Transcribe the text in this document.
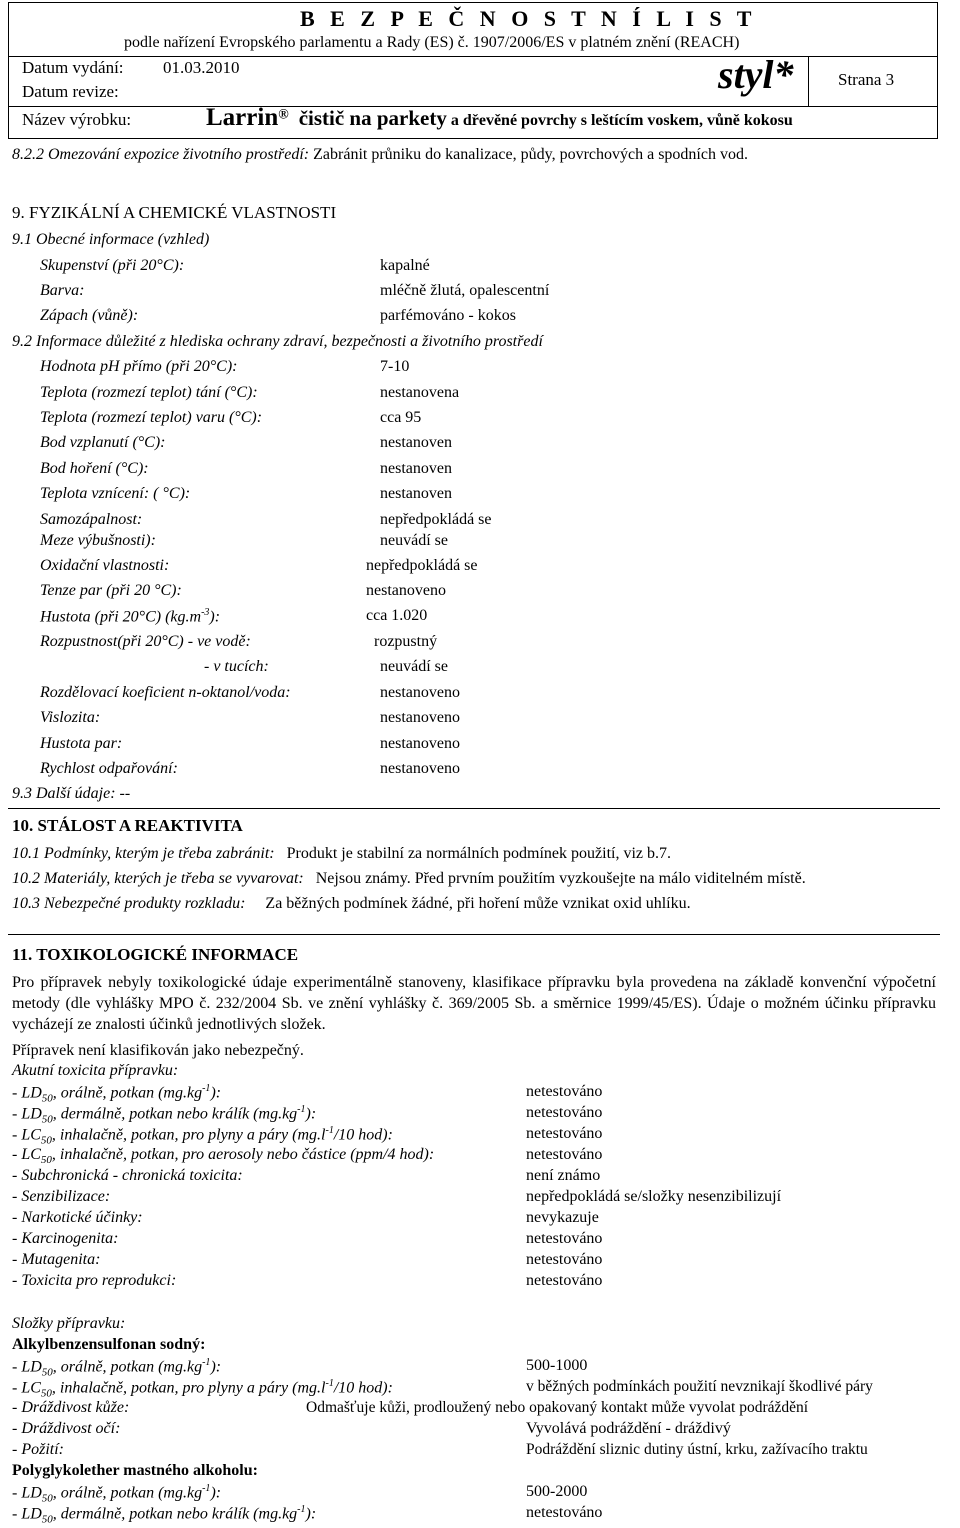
B E Z P E Č N O S T N Í L I S T
podle nařízení Evropského parlamentu a Rady (ES) č. 1907/2006/ES v platném znění (REACH)
Datum vydání: 01.03.2010
Datum revize:	styl*	Strana 3
Název výrobku:	Larrin® čistič na parkety a dřevěné povrchy s leštícím voskem, vůně kokosu
8.2.2 Omezování expozice životního prostředí: Zabránit průniku do kanalizace, půdy, povrchových a spodních vod.
9. FYZIKÁLNÍ A CHEMICKÉ VLASTNOSTI
9.1 Obecné informace (vzhled)
Skupenství (při 20°C):	kapalné
Barva:	mléčně žlutá, opalescentní
Zápach (vůně):	parfémováno - kokos
9.2 Informace důležité z hlediska ochrany zdraví, bezpečnosti a životního prostředí
Hodnota pH přímo (při 20°C):	7-10
Teplota (rozmezí teplot) tání (°C):	nestanovena
Teplota (rozmezí teplot) varu (°C):	cca 95
Bod vzplanutí (°C):	nestanoven
Bod hoření (°C):	nestanoven
Teplota vznícení: ( °C):	nestanoven
Samozápalnost:	nepředpokládá se
Meze výbušnosti):	neuvádí se
Oxidační vlastnosti:	nepředpokládá se
Tenze par (při 20 °C):	nestanoveno
Hustota (při 20°C) $(kg.m^{-3})$:	cca 1.020
Rozpustnost(při 20°C) - ve vodě:	rozpustný
- v tucích:	neuvádí se
Rozdělovací koeficient n-oktanol/voda:	nestanoveno
Vislozita:	nestanoveno
Hustota par:	nestanoveno
Rychlost odpařování:	nestanoveno
9.3 Další údaje: --
10. STÁLOST A REAKTIVITA
10.1 Podmínky, kterým je třeba zabránit: Produkt je stabilní za normálních podmínek použití, viz b.7.
10.2 Materiály, kterých je třeba se vyvarovat: Nejsou známy. Před prvním použitím vyzkoušejte na málo viditelném místě.
10.3 Nebezpečné produkty rozkladu: Za běžných podmínek žádné, při hoření může vznikat oxid uhlíku.
11. TOXIKOLOGICKÉ INFORMACE
Pro přípravek nebyly toxikologické údaje experimentálně stanoveny, klasifikace přípravku byla provedena na základě konvenční výpočetní metody (dle vyhlášky MPO č. 232/2004 Sb. ve znění vyhlášky č. 369/2005 Sb. a směrnice 1999/45/ES). Údaje o možném účinku přípravku vycházejí ze znalosti účinků jednotlivých složek.
Přípravek není klasifikován jako nebezpečný.
Akutní toxicita přípravku:
- $LD_{50}$, orálně, potkan $(mg.kg^{-1})$:	netestováno
- $LD_{50}$, dermálně, potkan nebo králík $(mg.kg^{-1})$:	netestováno
- $LC_{50}$, inhalačně, potkan, pro plyny a páry ($mg.l^{-1}/10$ hod):	netestováno
- $LC_{50}$, inhalačně, potkan, pro aerosoly nebo částice (ppm/4 hod):	netestováno
- Subchronická - chronická toxicita:	není známo
- Senzibilizace:	nepředpokládá se/složky nesenzibilizují
- Narkotické účinky:	nevykazuje
- Karcinogenita:	netestováno
- Mutagenita:	netestováno
- Toxicita pro reprodukci:	netestováno
Složky přípravku:
Alkylbenzensulfonan sodný:
- $LD_{50}$, orálně, potkan $(mg.kg^{-1})$:	500-1000
- $LC_{50}$, inhalačně, potkan, pro plyny a páry ($mg.l^{-1}/10$ hod):	v běžných podmínkách použití nevznikají škodlivé páry
- Dráždivost kůže:	Odmašťuje kůži, prodloužený nebo opakovaný kontakt může vyvolat podráždění
- Dráždivost očí:	Vyvolává podráždění - dráždivý
- Požití:	Podráždění sliznic dutiny ústní, krku, zažívacího traktu
Polyglykolether mastného alkoholu:
- $LD_{50}$, orálně, potkan $(mg.kg^{-1})$:	500-2000
- $LD_{50}$, dermálně, potkan nebo králík $(mg.kg^{-1})$:	netestováno
